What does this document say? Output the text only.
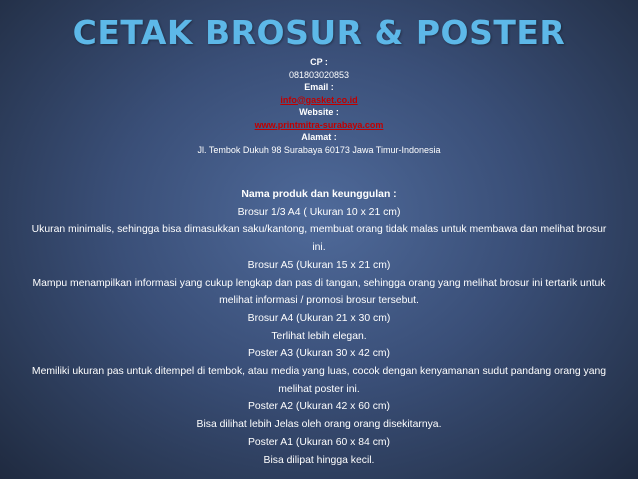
CETAK BROSUR & POSTER
CP :
081803020853
Email :
info@gasket.co.id
Website :
www.printmitra-surabaya.com
Alamat :
Jl. Tembok Dukuh 98 Surabaya 60173 Jawa Timur-Indonesia

Nama produk dan keunggulan :

Brosur 1/3 A4 ( Ukuran 10 x 21 cm)

Ukuran minimalis, sehingga bisa dimasukkan saku/kantong, membuat orang tidak malas untuk membawa dan melihat brosur ini.

Brosur A5 (Ukuran 15 x 21 cm)

Mampu menampilkan informasi yang cukup lengkap dan pas di tangan, sehingga orang yang melihat brosur ini tertarik untuk melihat informasi / promosi brosur tersebut.

Brosur A4 (Ukuran 21 x 30 cm)

Terlihat lebih elegan.

Poster A3 (Ukuran 30 x 42 cm)

Memiliki ukuran pas untuk ditempel di tembok, atau media yang luas, cocok dengan kenyamanan sudut pandang orang yang melihat poster ini.

Poster A2 (Ukuran 42 x 60 cm)

Bisa dilihat lebih Jelas oleh orang orang disekitarnya.

Poster A1 (Ukuran 60 x 84 cm)

Bisa dilipat hingga kecil.
